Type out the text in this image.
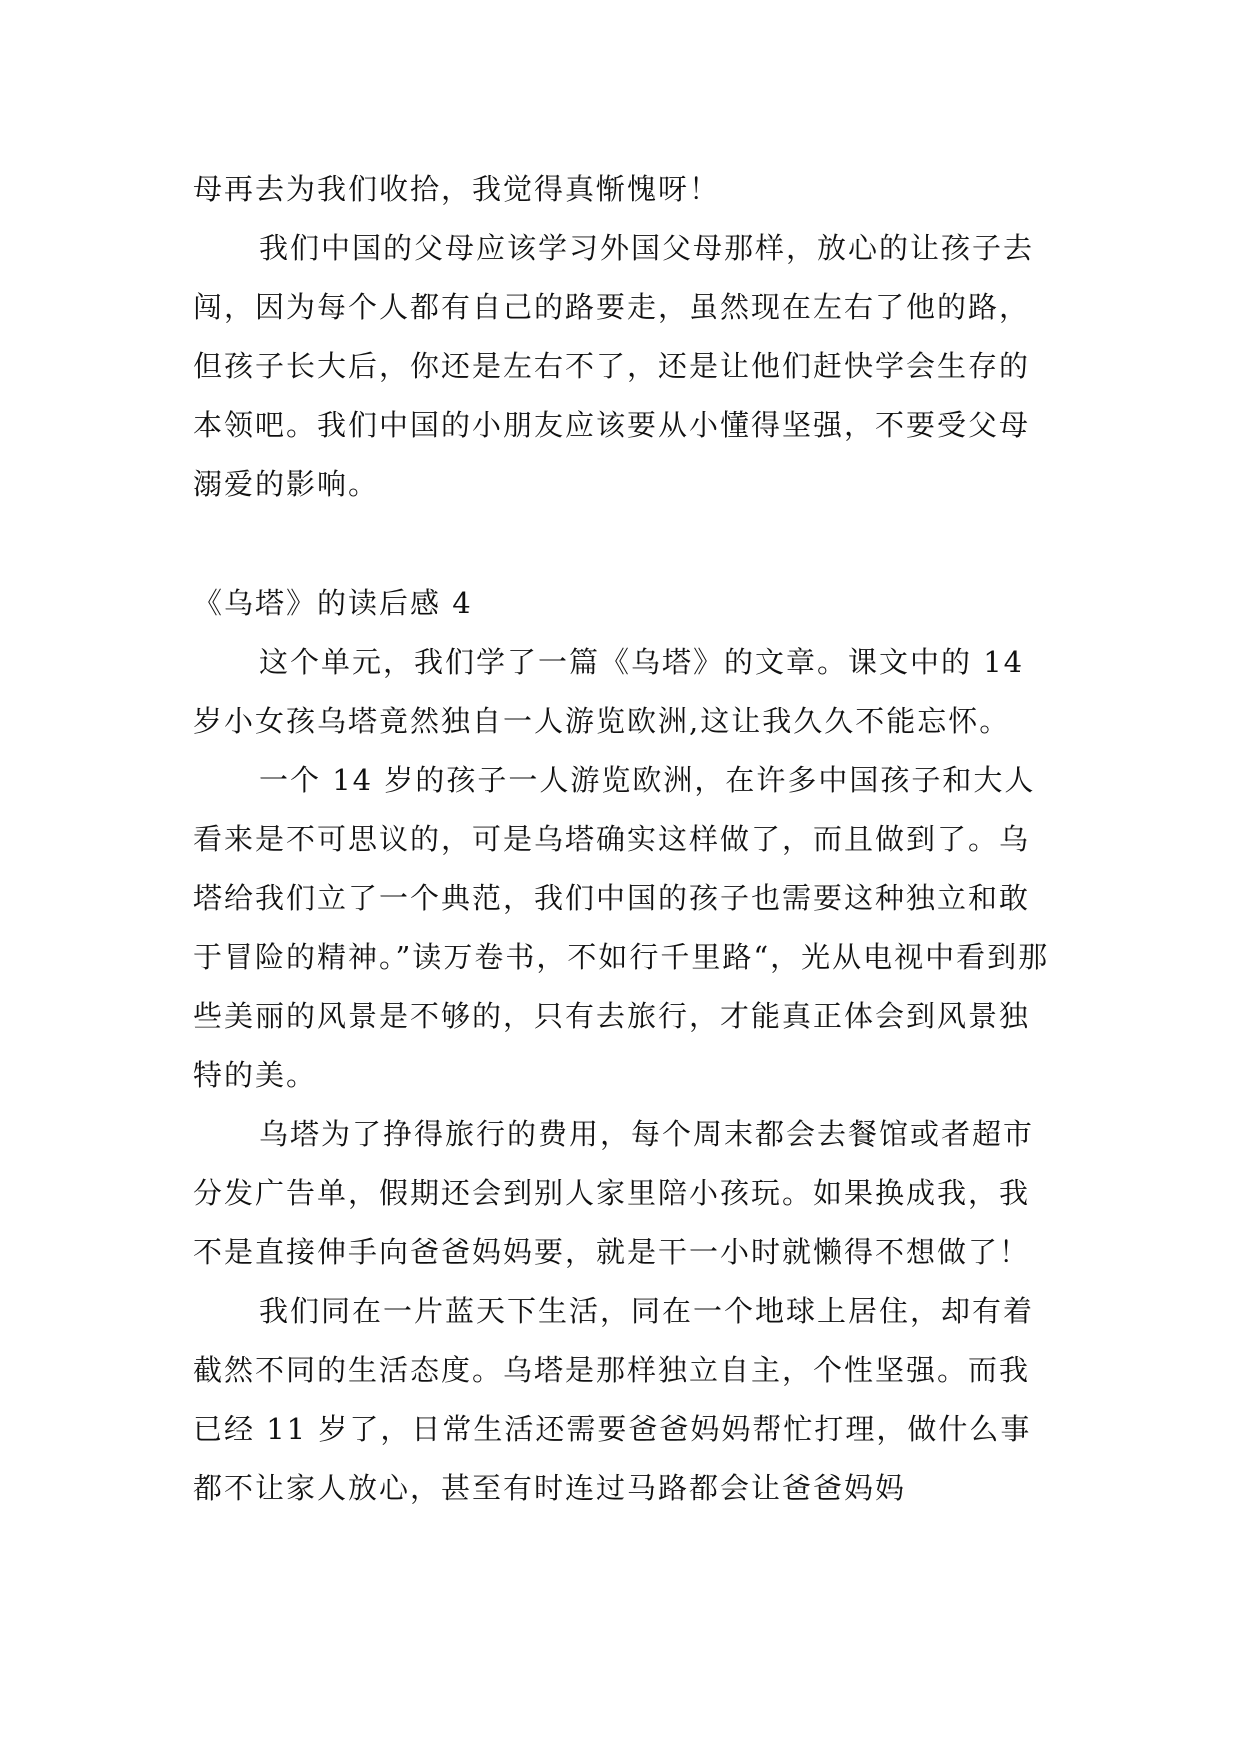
母再去为我们收拾，我觉得真惭愧呀！

我们中国的父母应该学习外国父母那样，放心的让孩子去闯，因为每个人都有自己的路要走，虽然现在左右了他的路，但孩子长大后，你还是左右不了，还是让他们赶快学会生存的本领吧。我们中国的小朋友应该要从小懂得坚强，不要受父母溺爱的影响。

《乌塔》的读后感 4

这个单元，我们学了一篇《乌塔》的文章。课文中的 14 岁小女孩乌塔竟然独自一人游览欧洲,这让我久久不能忘怀。

一个 14 岁的孩子一人游览欧洲，在许多中国孩子和大人看来是不可思议的，可是乌塔确实这样做了，而且做到了。乌塔给我们立了一个典范，我们中国的孩子也需要这种独立和敢于冒险的精神。”读万卷书，不如行千里路“，光从电视中看到那些美丽的风景是不够的，只有去旅行，才能真正体会到风景独特的美。

乌塔为了挣得旅行的费用，每个周末都会去餐馆或者超市分发广告单，假期还会到别人家里陪小孩玩。如果换成我，我不是直接伸手向爸爸妈妈要，就是干一小时就懒得不想做了！

我们同在一片蓝天下生活，同在一个地球上居住，却有着截然不同的生活态度。乌塔是那样独立自主，个性坚强。而我已经 11 岁了，日常生活还需要爸爸妈妈帮忙打理，做什么事都不让家人放心，甚至有时连过马路都会让爸爸妈妈
